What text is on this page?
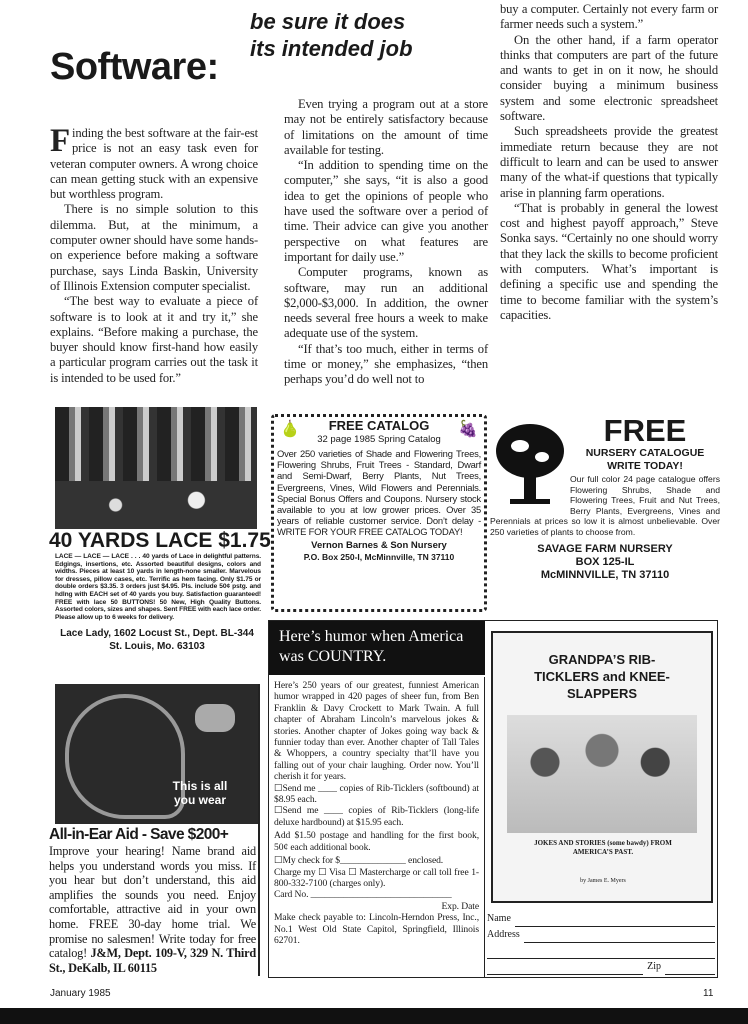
be sure it does
its intended job
Software:

Finding the best software at the fair-est price is not an easy task even for veteran computer owners. A wrong choice can mean getting stuck with an expensive but worthless program.

There is no simple solution to this dilemma. But, at the minimum, a computer owner should have some hands-on experience before making a software purchase, says Linda Baskin, University of Illinois Extension computer specialist.

“The best way to evaluate a piece of software is to look at it and try it,” she explains. “Before making a purchase, the buyer should know first-hand how easily a particular program carries out the task it is intended to be used for.”

Even trying a program out at a store may not be entirely satisfactory because of limitations on the amount of time available for testing.

“In addition to spending time on the computer,” she says, “it is also a good idea to get the opinions of people who have used the software over a period of time. Their advice can give you another perspective on what features are important for daily use.”

Computer programs, known as software, may run an additional $2,000-$3,000. In addition, the owner needs several free hours a week to make adequate use of the system.

“If that’s too much, either in terms of time or money,” she emphasizes, “then perhaps you’d do well not to

buy a computer. Certainly not every farm or farmer needs such a system.”

On the other hand, if a farm operator thinks that computers are part of the future and wants to get in on it now, he should consider buying a minimum business system and some electronic spreadsheet software.

Such spreadsheets provide the greatest immediate return because they are not difficult to learn and can be used to answer many of the what-if questions that typically arise in planning farm operations.

“That is probably in general the lowest cost and highest payoff approach,” Steve Sonka says. “Certainly no one should worry that they lack the skills to become proficient with computers. What’s important is defining a specific use and spending the time to become familiar with the system’s capacities.

40 YARDS LACE $1.75
LACE — LACE — LACE . . . 40 yards of Lace in delightful patterns. Edgings, insertions, etc. Assorted beautiful designs, colors and widths. Pieces at least 10 yards in length-none smaller. Marvelous for dresses, pillow cases, etc. Terrific as hem facing. Only $1.75 or double orders $3.35. 3 orders just $4.95. Pls. include 50¢ pstg. and hdlng with EACH set of 40 yards you buy. Satisfaction guaranteed! FREE with lace 50 BUTTONS! 50 New, High Quality Buttons. Assorted colors, sizes and shapes. Sent FREE with each lace order. Please allow up to 6 weeks for delivery.
Lace Lady, 1602 Locust St., Dept. BL-344
St. Louis, Mo. 63103
🍐	🍇
FREE CATALOG
32 page 1985 Spring Catalog
Over 250 varieties of Shade and Flowering Trees, Flowering Shrubs, Fruit Trees - Standard, Dwarf and Semi-Dwarf, Berry Plants, Nut Trees, Evergreens, Vines, Wild Flowers and Perennials. Special Bonus Offers and Coupons. Nursery stock available to you at low grower prices. Over 35 years of reliable customer service. Don’t delay - WRITE FOR YOUR FREE CATALOG TODAY!
Vernon Barnes & Son Nursery
P.O. Box 250-I, McMinnville, TN 37110
FREE
NURSERY CATALOGUE
WRITE TODAY!
Our full color 24 page catalogue offers Flowering Shrubs, Shade and Flowering Trees, Fruit and Nut Trees, Berry Plants, Evergreens, Vines and Perennials at prices so low it is almost unbelievable. Over 250 varieties of plants to choose from.
SAVAGE FARM NURSERY
BOX 125-IL
McMINNVILLE, TN 37110
This is all
you wear
All-in-Ear Aid - Save $200+
Improve your hearing! Name brand aid helps you understand words you miss. If you hear but don’t understand, this aid amplifies the sounds you need. Enjoy comfortable, attractive aid in your own home. FREE 30-day home trial. We promise no salesmen! Write today for free catalog! J&M, Dept. 109-V, 329 N. Third St., DeKalb, IL 60115
Here’s humor when America was COUNTRY.
Here’s 250 years of our greatest, funniest American humor wrapped in 420 pages of sheer fun, from Ben Franklin & Davy Crockett to Mark Twain. A full chapter of Abraham Lincoln’s marvelous jokes & stories. Another chapter of Jokes going way back & funnier today than ever. Another chapter of Tall Tales & Whoppers, a country specialty that’ll have you falling out of your chair laughing. Order now. You’ll cherish it for years.
☐Send me ____ copies of Rib-Ticklers (softbound) at $8.95 each.
☐Send me ____ copies of Rib-Ticklers (long-life deluxe hardbound) at $15.95 each.
Add $1.50 postage and handling for the first book, 50¢ each additional book.
☐My check for $______________ enclosed.
Charge my ☐ Visa ☐ Mastercharge or call toll free 1-800-332-7100 (charges only).
Card No. ______________________________
Exp. Date
Make check payable to: Lincoln-Herndon Press, Inc., No.1 West Old State Capitol, Springfield, Illinois 62701.
GRANDPA’S RIB-TICKLERS and KNEE-SLAPPERS
JOKES AND STORIES (some bawdy) FROM AMERICA’S PAST.
by James E. Myers
Name
Address
Zip
January 1985	11
